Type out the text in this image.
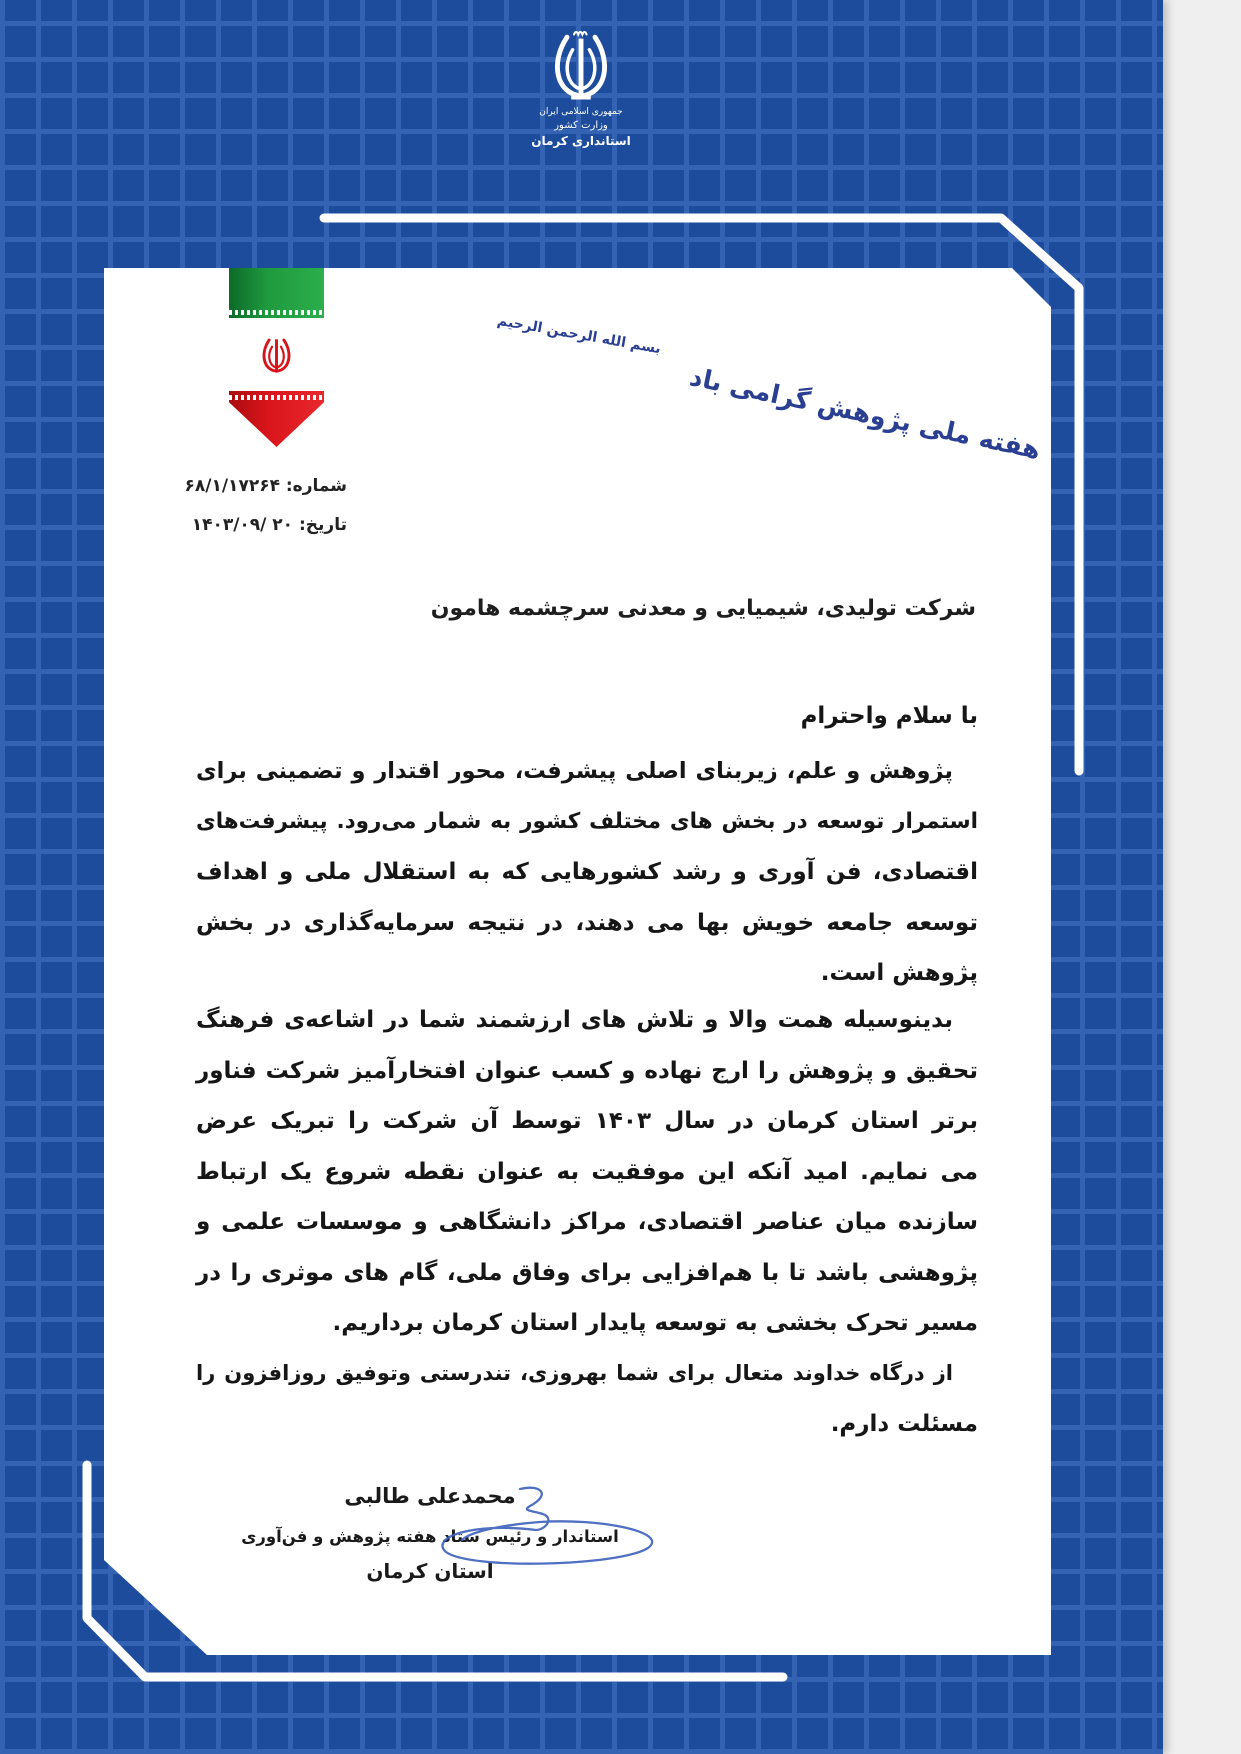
جمهوری اسلامی ایران
وزارت کشور
استانداری کرمان
بسم الله الرحمن الرحیم
هفته ملی پژوهش گرامی باد
شماره: ۶۸/۱/۱۷۲۶۴
تاریخ: ۱۴۰۳/۰۹/ ۲۰
شرکت تولیدی، شیمیایی و معدنی سرچشمه هامون
با سلام واحترام
پژوهش و علم، زیربنای اصلی پیشرفت، محور اقتدار و تضمینی برای
استمرار توسعه در بخش های مختلف کشور به شمار می‌رود. پیشرفت‌های
اقتصادی، فن آوری و رشد کشورهایی که به استقلال ملی و اهداف
توسعه جامعه خویش بها می دهند، در نتیجه سرمایه‌گذاری در بخش
پژوهش است.
بدینوسیله همت والا و تلاش های ارزشمند شما در اشاعه‌ی فرهنگ
تحقیق و پژوهش را ارج نهاده و کسب عنوان افتخارآمیز شرکت فناور
برتر استان کرمان در سال ۱۴۰۳ توسط آن شرکت را تبریک عرض
می نمایم. امید آنکه این موفقیت به عنوان نقطه شروع یک ارتباط
سازنده میان عناصر اقتصادی، مراکز دانشگاهی و موسسات علمی و
پژوهشی باشد تا با هم‌افزایی برای وفاق ملی، گام های موثری را در
مسیر تحرک بخشی به توسعه پایدار استان کرمان برداریم.
از درگاه خداوند متعال برای شما بهروزی، تندرستی وتوفیق روزافزون را
مسئلت دارم.
محمدعلی طالبی
استاندار و رئیس ستاد هفته پژوهش و فن‌آوری
استان کرمان
